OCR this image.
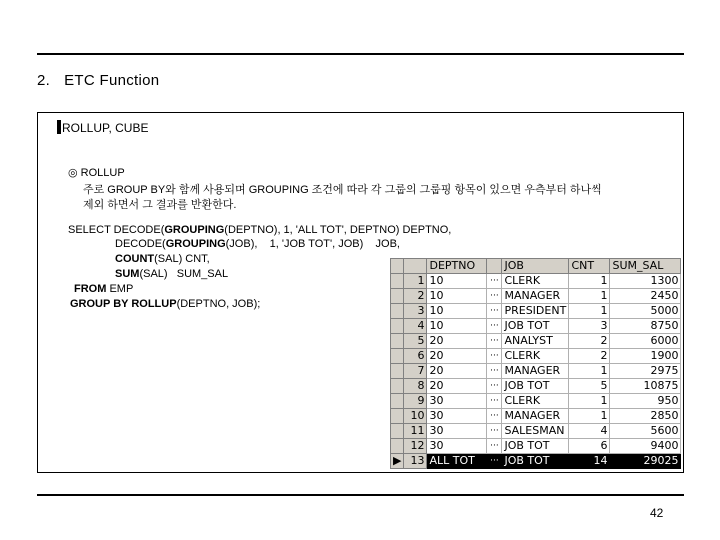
2. ETC Function
ROLLUP, CUBE
◎ ROLLUP
주로 GROUP BY와 함께 사용되며 GROUPING 조건에 따라 각 그룹의 그룹핑 항목이 있으면 우측부터 하나씩
제외 하면서 그 결과를 반환한다.
SELECT DECODE(GROUPING(DEPTNO), 1, 'ALL TOT', DEPTNO) DEPTNO,
DECODE(GROUPING(JOB),    1, 'JOB TOT', JOB)    JOB,
COUNT(SAL) CNT,
SUM(SAL)   SUM_SAL
FROM EMP
GROUP BY ROLLUP(DEPTNO, JOB);
		DEPTNO		JOB	CNT	SUM_SAL
	1	10	···	CLERK	1	1300
	2	10	···	MANAGER	1	2450
	3	10	···	PRESIDENT	1	5000
	4	10	···	JOB TOT	3	8750
	5	20	···	ANALYST	2	6000
	6	20	···	CLERK	2	1900
	7	20	···	MANAGER	1	2975
	8	20	···	JOB TOT	5	10875
	9	30	···	CLERK	1	950
	10	30	···	MANAGER	1	2850
	11	30	···	SALESMAN	4	5600
	12	30	···	JOB TOT	6	9400
▶	13	ALL TOT	···	JOB TOT	14	29025
42
